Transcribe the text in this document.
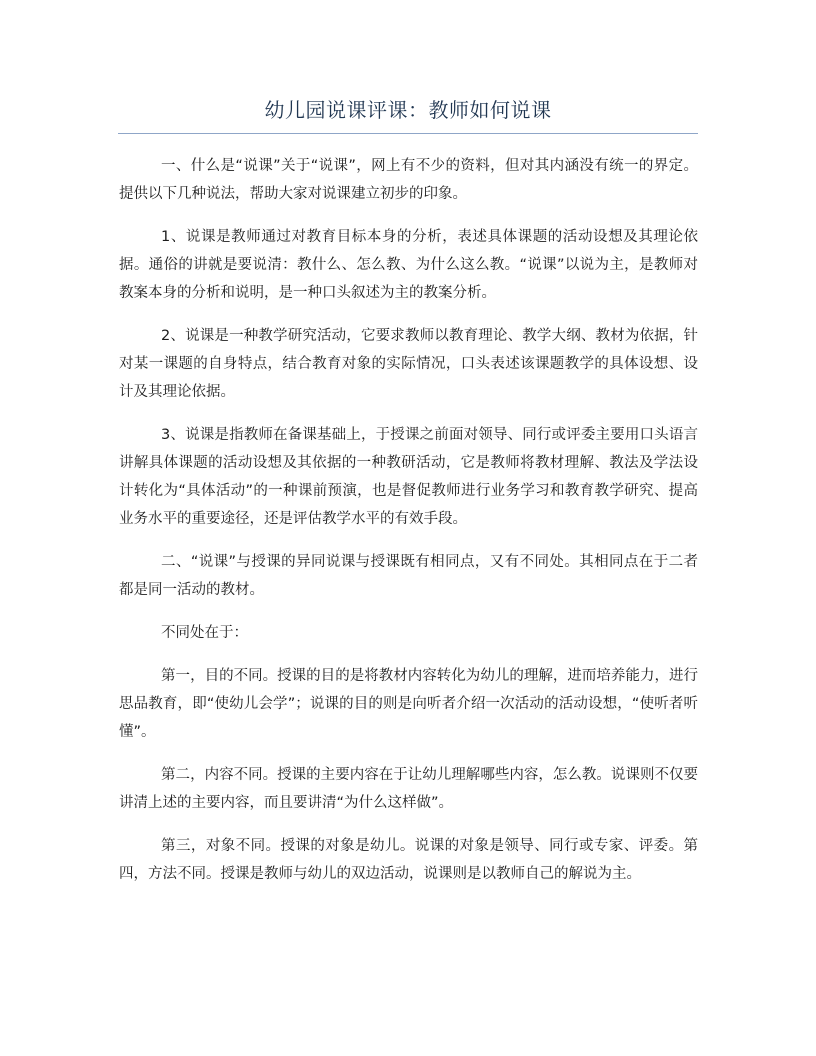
幼儿园说课评课：教师如何说课

一、什么是“说课”关于“说课”，网上有不少的资料，但对其内涵没有统一的界定。提供以下几种说法，帮助大家对说课建立初步的印象。

1、说课是教师通过对教育目标本身的分析，表述具体课题的活动设想及其理论依据。通俗的讲就是要说清：教什么、怎么教、为什么这么教。“说课”以说为主，是教师对教案本身的分析和说明，是一种口头叙述为主的教案分析。

2、说课是一种教学研究活动，它要求教师以教育理论、教学大纲、教材为依据，针对某一课题的自身特点，结合教育对象的实际情况，口头表述该课题教学的具体设想、设计及其理论依据。

3、说课是指教师在备课基础上，于授课之前面对领导、同行或评委主要用口头语言讲解具体课题的活动设想及其依据的一种教研活动，它是教师将教材理解、教法及学法设计转化为“具体活动”的一种课前预演，也是督促教师进行业务学习和教育教学研究、提高业务水平的重要途径，还是评估教学水平的有效手段。

二、“说课”与授课的异同说课与授课既有相同点，又有不同处。其相同点在于二者都是同一活动的教材。

不同处在于：

第一，目的不同。授课的目的是将教材内容转化为幼儿的理解，进而培养能力，进行思品教育，即“使幼儿会学”；说课的目的则是向听者介绍一次活动的活动设想，“使听者听懂”。

第二，内容不同。授课的主要内容在于让幼儿理解哪些内容，怎么教。说课则不仅要讲清上述的主要内容，而且要讲清“为什么这样做”。

第三，对象不同。授课的对象是幼儿。说课的对象是领导、同行或专家、评委。第四，方法不同。授课是教师与幼儿的双边活动，说课则是以教师自己的解说为主。
